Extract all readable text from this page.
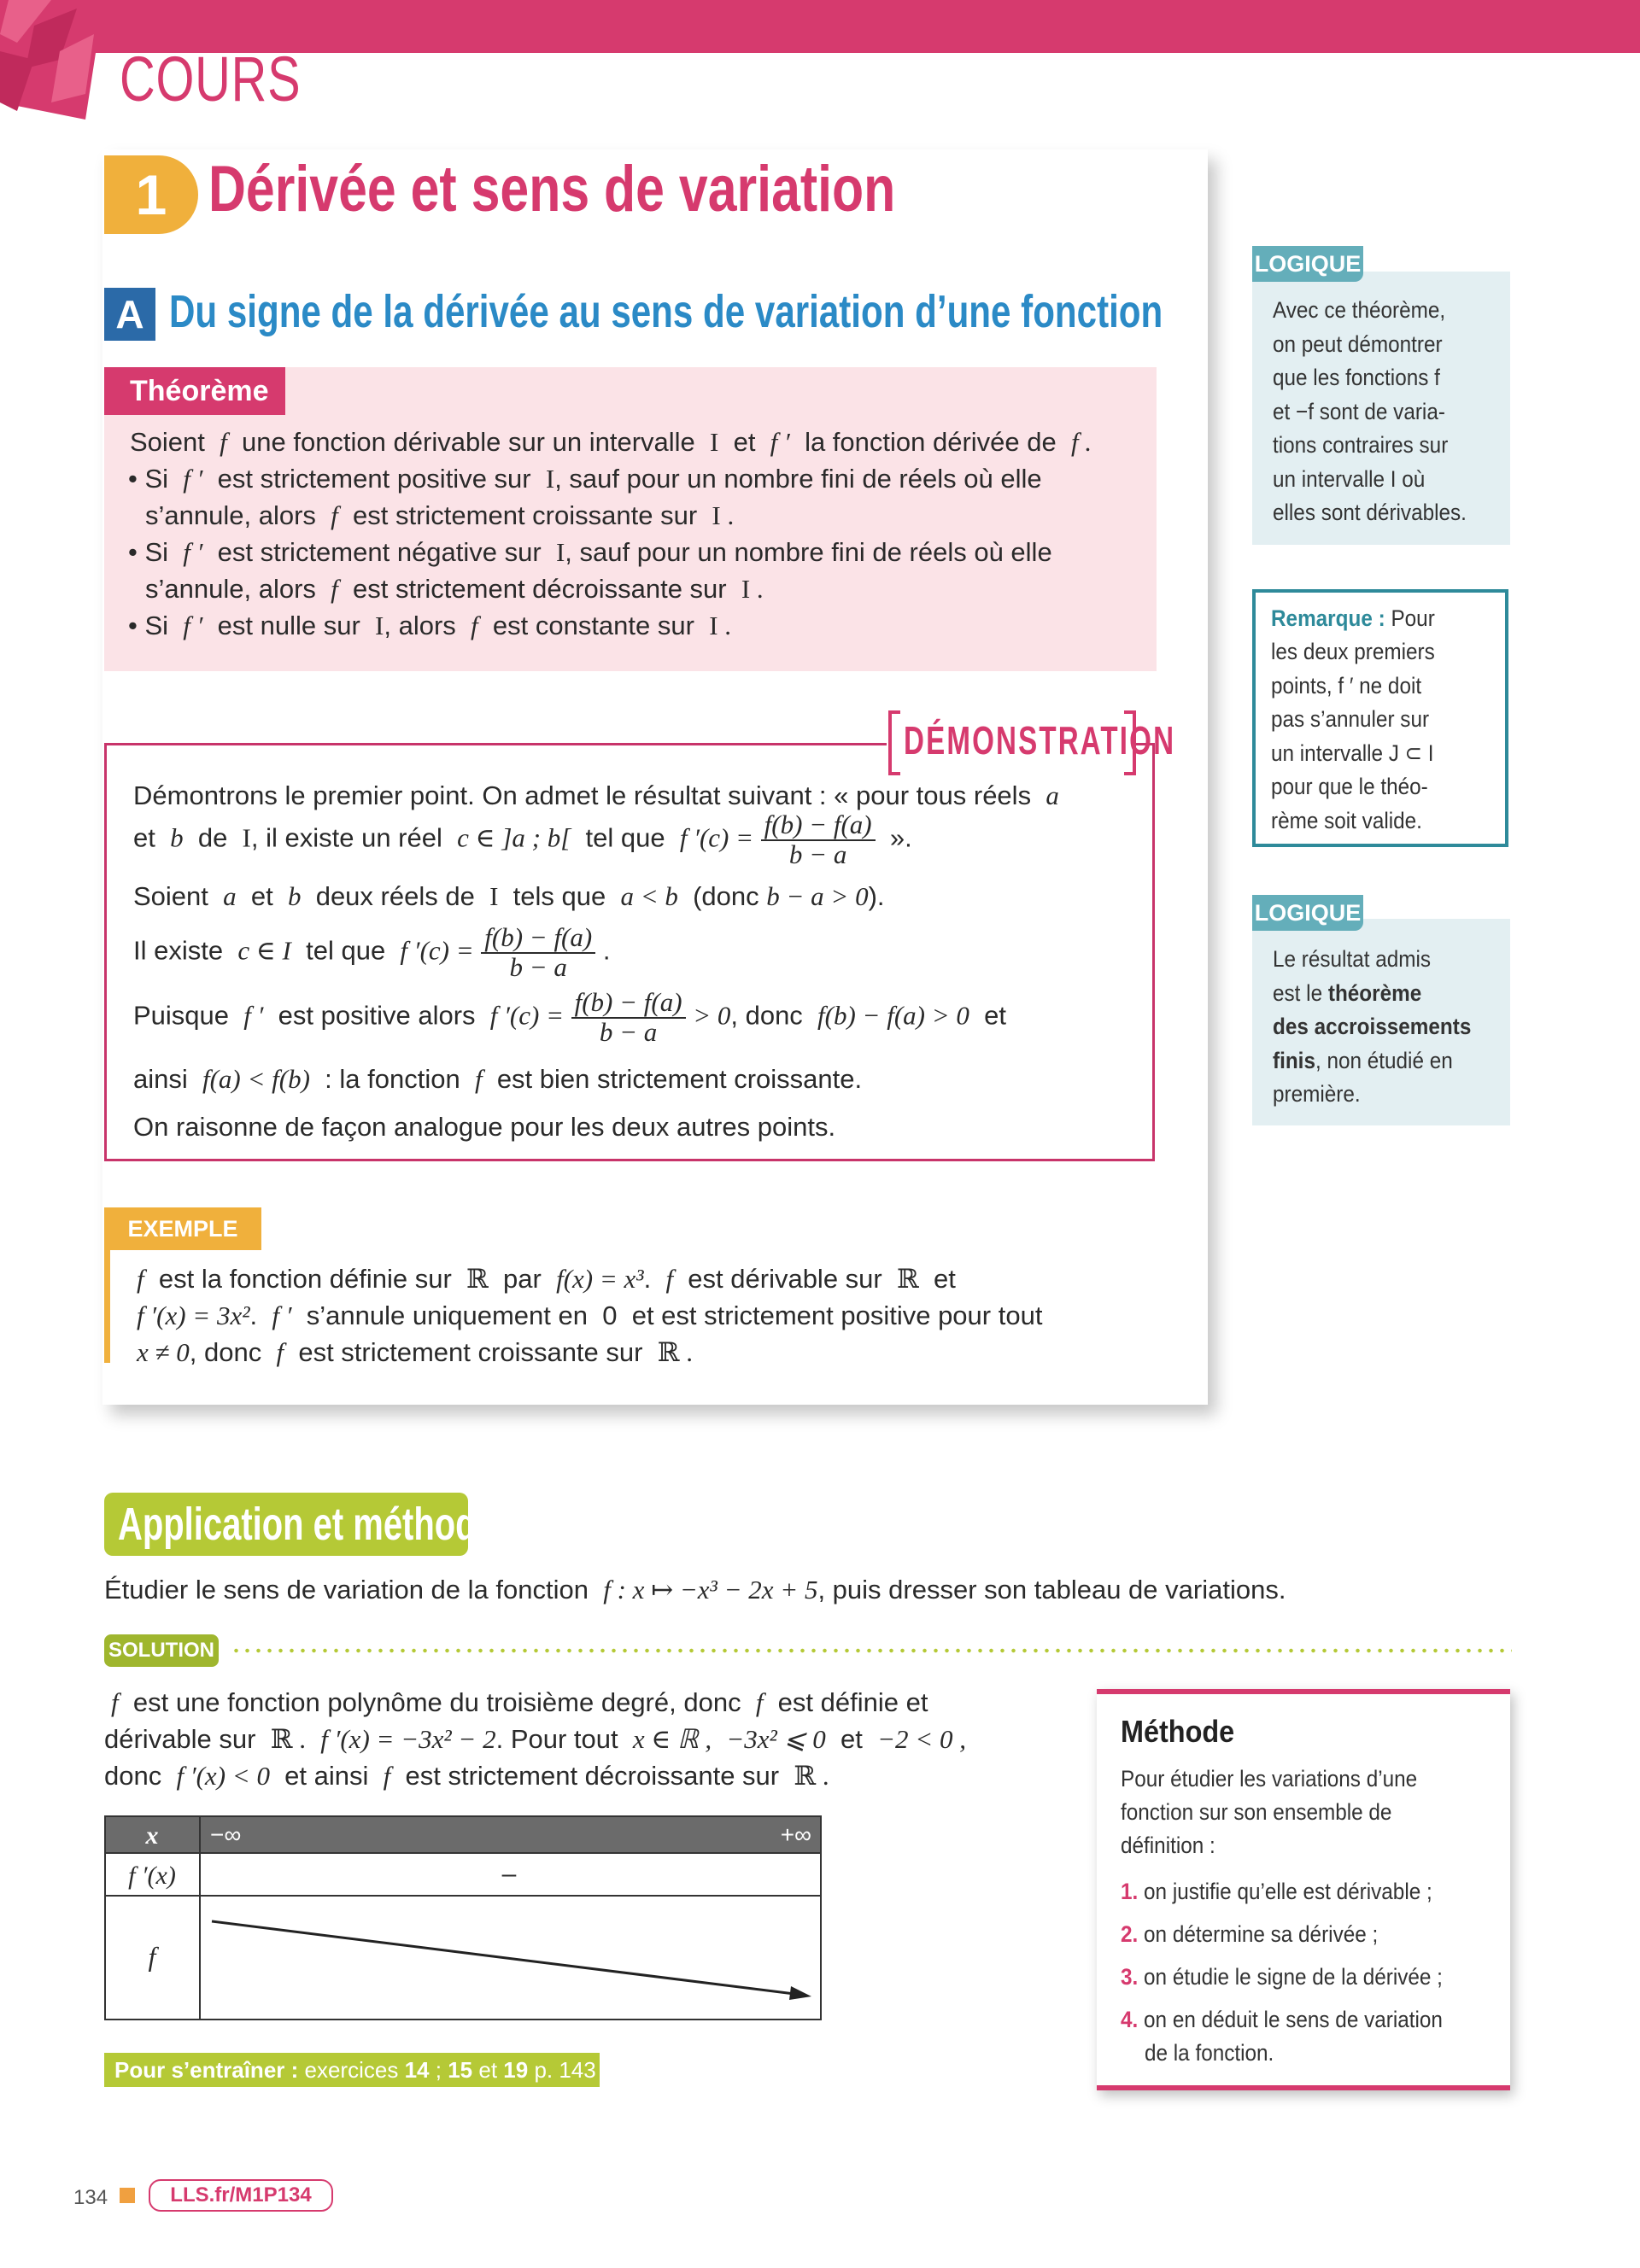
COURS
1 Dérivée et sens de variation
A Du signe de la dérivée au sens de variation d’une fonction
Théorème
Soient f une fonction dérivable sur un intervalle I et f ′ la fonction dérivée de f .
• Si f ′ est strictement positive sur I, sauf pour un nombre fini de réels où elle
s’annule, alors f est strictement croissante sur I .
• Si f ′ est strictement négative sur I, sauf pour un nombre fini de réels où elle
s’annule, alors f est strictement décroissante sur I .
• Si f ′ est nulle sur I, alors f est constante sur I .
DÉMONSTRATION
Démontrons le premier point. On admet le résultat suivant : « pour tous réels a
et b de I, il existe un réel c ∈ ]a ; b[ tel que f $'(c) = \frac{f(b) - f(a)}{b - a}$ ».
Soient a et b deux réels de I tels que a < b (donc b − a > 0).
Il existe c ∈ I tel que f $'(c) = \frac{f(b) - f(a)}{b - a}$ .
Puisque f ′ est positive alors f $'(c) = \frac{f(b) - f(a)}{b - a} > 0$, donc f(b) − f(a) > 0 et
ainsi f(a) < f(b) : la fonction f est bien strictement croissante.
On raisonne de façon analogue pour les deux autres points.
EXEMPLE
f est la fonction définie sur ℝ par f(x) = x³. f est dérivable sur ℝ et
f ′(x) = 3x². f ′ s’annule uniquement en 0 et est strictement positive pour tout
x ≠ 0, donc f est strictement croissante sur ℝ .
LOGIQUE
Avec ce théorème,
on peut démontrer
que les fonctions f
et −f sont de varia-
tions contraires sur
un intervalle I où
elles sont dérivables.
Remarque : Pour
les deux premiers
points, f ′ ne doit
pas s’annuler sur
un intervalle J ⊂ I
pour que le théo-
rème soit valide.
LOGIQUE
Le résultat admis
est le théorème
des accroissements
finis, non étudié en
première.
Application et méthode
Étudier le sens de variation de la fonction f : x ↦ −x³ − 2x + 5, puis dresser son tableau de variations.
SOLUTION
f est une fonction polynôme du troisième degré, donc f est définie et
dérivable sur ℝ . f ′(x) = −3x² − 2. Pour tout x ∈ ℝ , −3x² ⩽ 0 et −2 < 0 ,
donc f ′(x) < 0 et ainsi f est strictement décroissante sur ℝ .
x −∞	+∞
f ′(x)	–
f
Pour s’entraîner : exercices 14 ; 15 et 19 p. 143
Méthode
Pour étudier les variations d’une
fonction sur son ensemble de
définition :
1. on justifie qu’elle est dérivable ;
2. on détermine sa dérivée ;
3. on étudie le signe de la dérivée ;
4. on en déduit le sens de variation
de la fonction.
134	LLS.fr/M1P134
